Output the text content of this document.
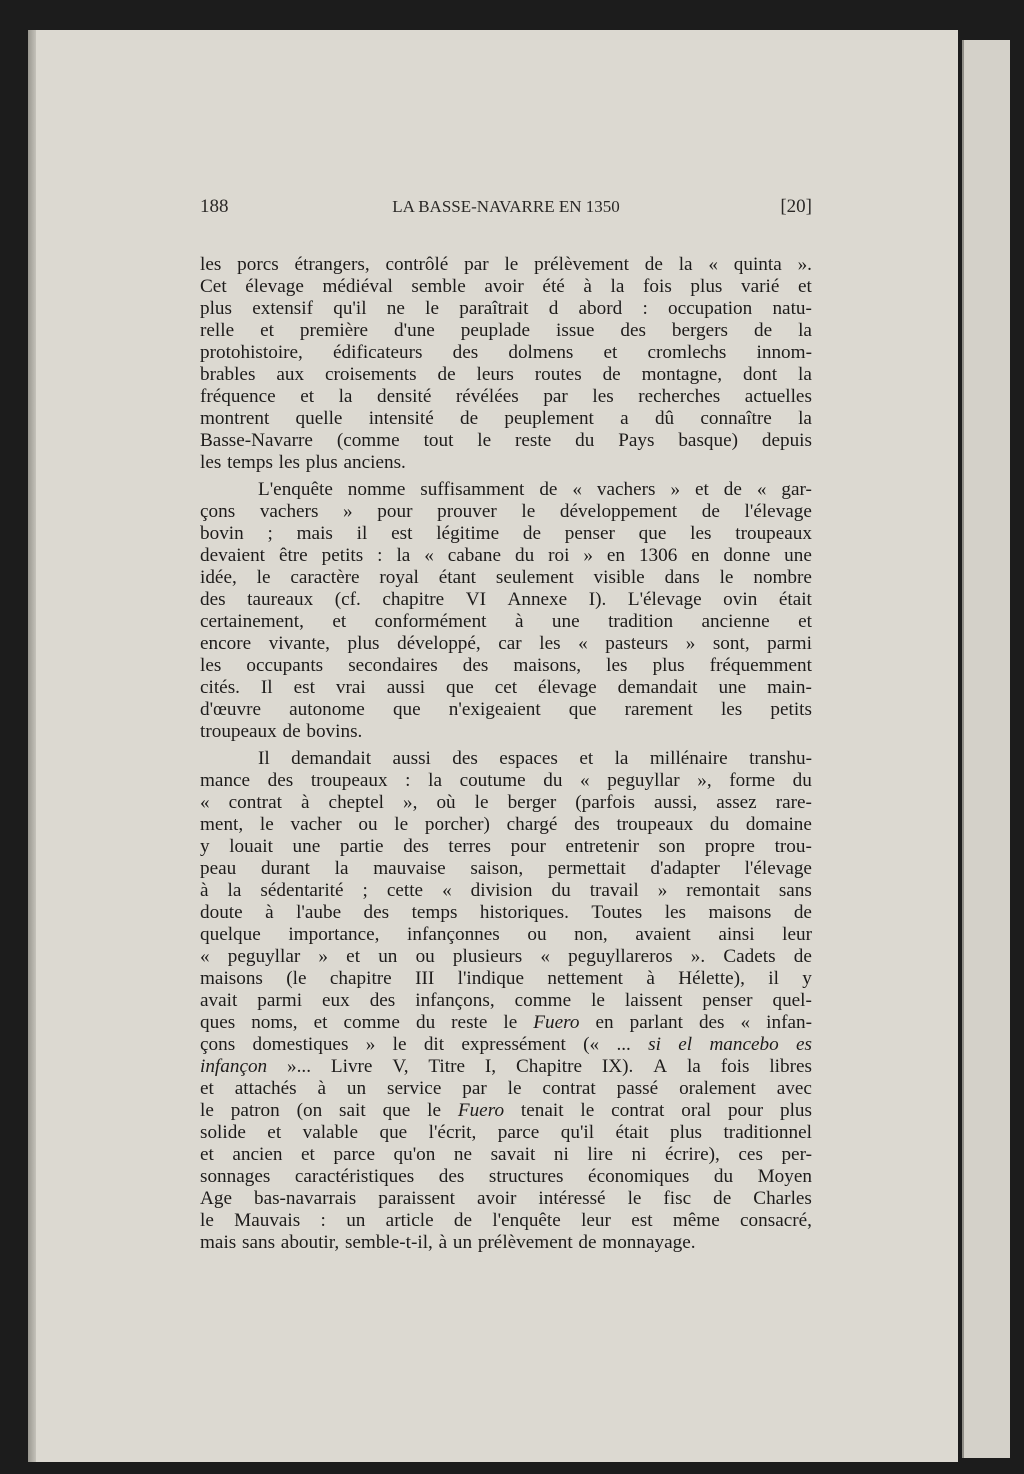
188	LA BASSE-NAVARRE EN 1350	[20]
les porcs étrangers, contrôlé par le prélèvement de la « quinta ».
Cet élevage médiéval semble avoir été à la fois plus varié et
plus extensif qu'il ne le paraîtrait d abord : occupation natu-
relle et première d'une peuplade issue des bergers de la
protohistoire, édificateurs des dolmens et cromlechs innom-
brables aux croisements de leurs routes de montagne, dont la
fréquence et la densité révélées par les recherches actuelles
montrent quelle intensité de peuplement a dû connaître la
Basse-Navarre (comme tout le reste du Pays basque) depuis
les temps les plus anciens.
L'enquête nomme suffisamment de « vachers » et de « gar-
çons vachers » pour prouver le développement de l'élevage
bovin ; mais il est légitime de penser que les troupeaux
devaient être petits : la « cabane du roi » en 1306 en donne une
idée, le caractère royal étant seulement visible dans le nombre
des taureaux (cf. chapitre VI Annexe I). L'élevage ovin était
certainement, et conformément à une tradition ancienne et
encore vivante, plus développé, car les « pasteurs » sont, parmi
les occupants secondaires des maisons, les plus fréquemment
cités. Il est vrai aussi que cet élevage demandait une main-
d'œuvre autonome que n'exigeaient que rarement les petits
troupeaux de bovins.
Il demandait aussi des espaces et la millénaire transhu-
mance des troupeaux : la coutume du « peguyllar », forme du
« contrat à cheptel », où le berger (parfois aussi, assez rare-
ment, le vacher ou le porcher) chargé des troupeaux du domaine
y louait une partie des terres pour entretenir son propre trou-
peau durant la mauvaise saison, permettait d'adapter l'élevage
à la sédentarité ; cette « division du travail » remontait sans
doute à l'aube des temps historiques. Toutes les maisons de
quelque importance, infançonnes ou non, avaient ainsi leur
« peguyllar » et un ou plusieurs « peguyllareros ». Cadets de
maisons (le chapitre III l'indique nettement à Hélette), il y
avait parmi eux des infançons, comme le laissent penser quel-
ques noms, et comme du reste le Fuero en parlant des « infan-
çons domestiques » le dit expressément (« ... si el mancebo es
infançon »... Livre V, Titre I, Chapitre IX). A la fois libres
et attachés à un service par le contrat passé oralement avec
le patron (on sait que le Fuero tenait le contrat oral pour plus
solide et valable que l'écrit, parce qu'il était plus traditionnel
et ancien et parce qu'on ne savait ni lire ni écrire), ces per-
sonnages caractéristiques des structures économiques du Moyen
Age bas-navarrais paraissent avoir intéressé le fisc de Charles
le Mauvais : un article de l'enquête leur est même consacré,
mais sans aboutir, semble-t-il, à un prélèvement de monnayage.
